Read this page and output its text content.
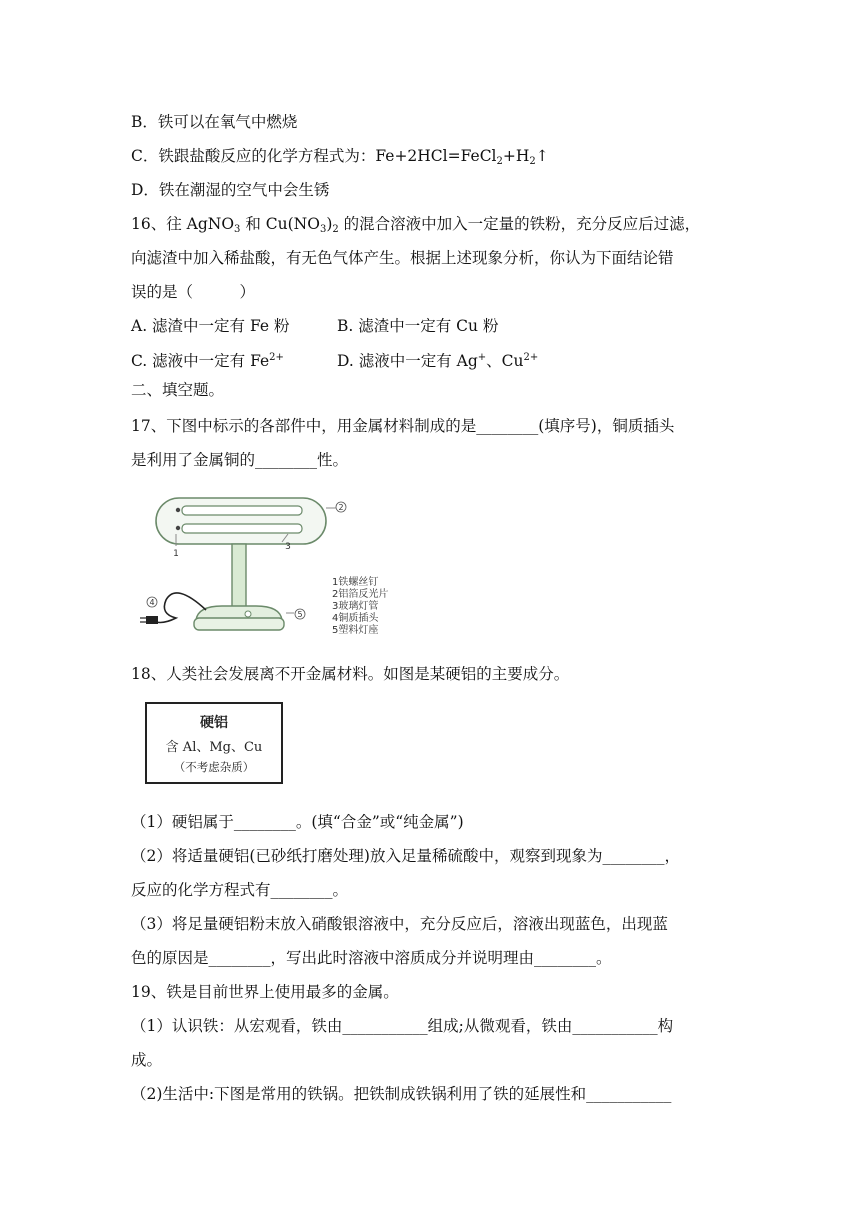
B．铁可以在氧气中燃烧
C．铁跟盐酸反应的化学方程式为：$Fe+2HCl=FeCl_2+H_2↑$
D．铁在潮湿的空气中会生锈
16、往 AgNO$_3$ 和 $Cu(NO_3)_2$ 的混合溶液中加入一定量的铁粉，充分反应后过滤，
向滤渣中加入稀盐酸，有无色气体产生。根据上述现象分析，你认为下面结论错
误的是（　　　）
A. 滤渣中一定有 Fe 粉	B. 滤渣中一定有 Cu 粉
C. 滤液中一定有 $Fe^{2+}$	D. 滤液中一定有 Ag+、$Cu^{2+}$
二、填空题。
17、下图中标示的各部件中，用金属材料制成的是________(填序号)，铜质插头
是利用了金属铜的________性。
2
3
1
4
5
1铁螺丝钉
2铝箔反光片
3玻璃灯管
4铜质插头
5塑料灯座
18、人类社会发展离不开金属材料。如图是某硬铝的主要成分。
硬铝
含 Al、Mg、Cu
（不考虑杂质）
（1）硬铝属于________。(填“合金”或“纯金属”)
（2）将适量硬铝(已砂纸打磨处理)放入足量稀硫酸中，观察到现象为________，
反应的化学方程式有________。
（3）将足量硬铝粉末放入硝酸银溶液中，充分反应后，溶液出现蓝色，出现蓝
色的原因是________，写出此时溶液中溶质成分并说明理由________。
19、铁是目前世界上使用最多的金属。
（1）认识铁：从宏观看，铁由___________组成;从微观看，铁由___________构
成。
（2)生活中:下图是常用的铁锅。把铁制成铁锅利用了铁的延展性和___________
